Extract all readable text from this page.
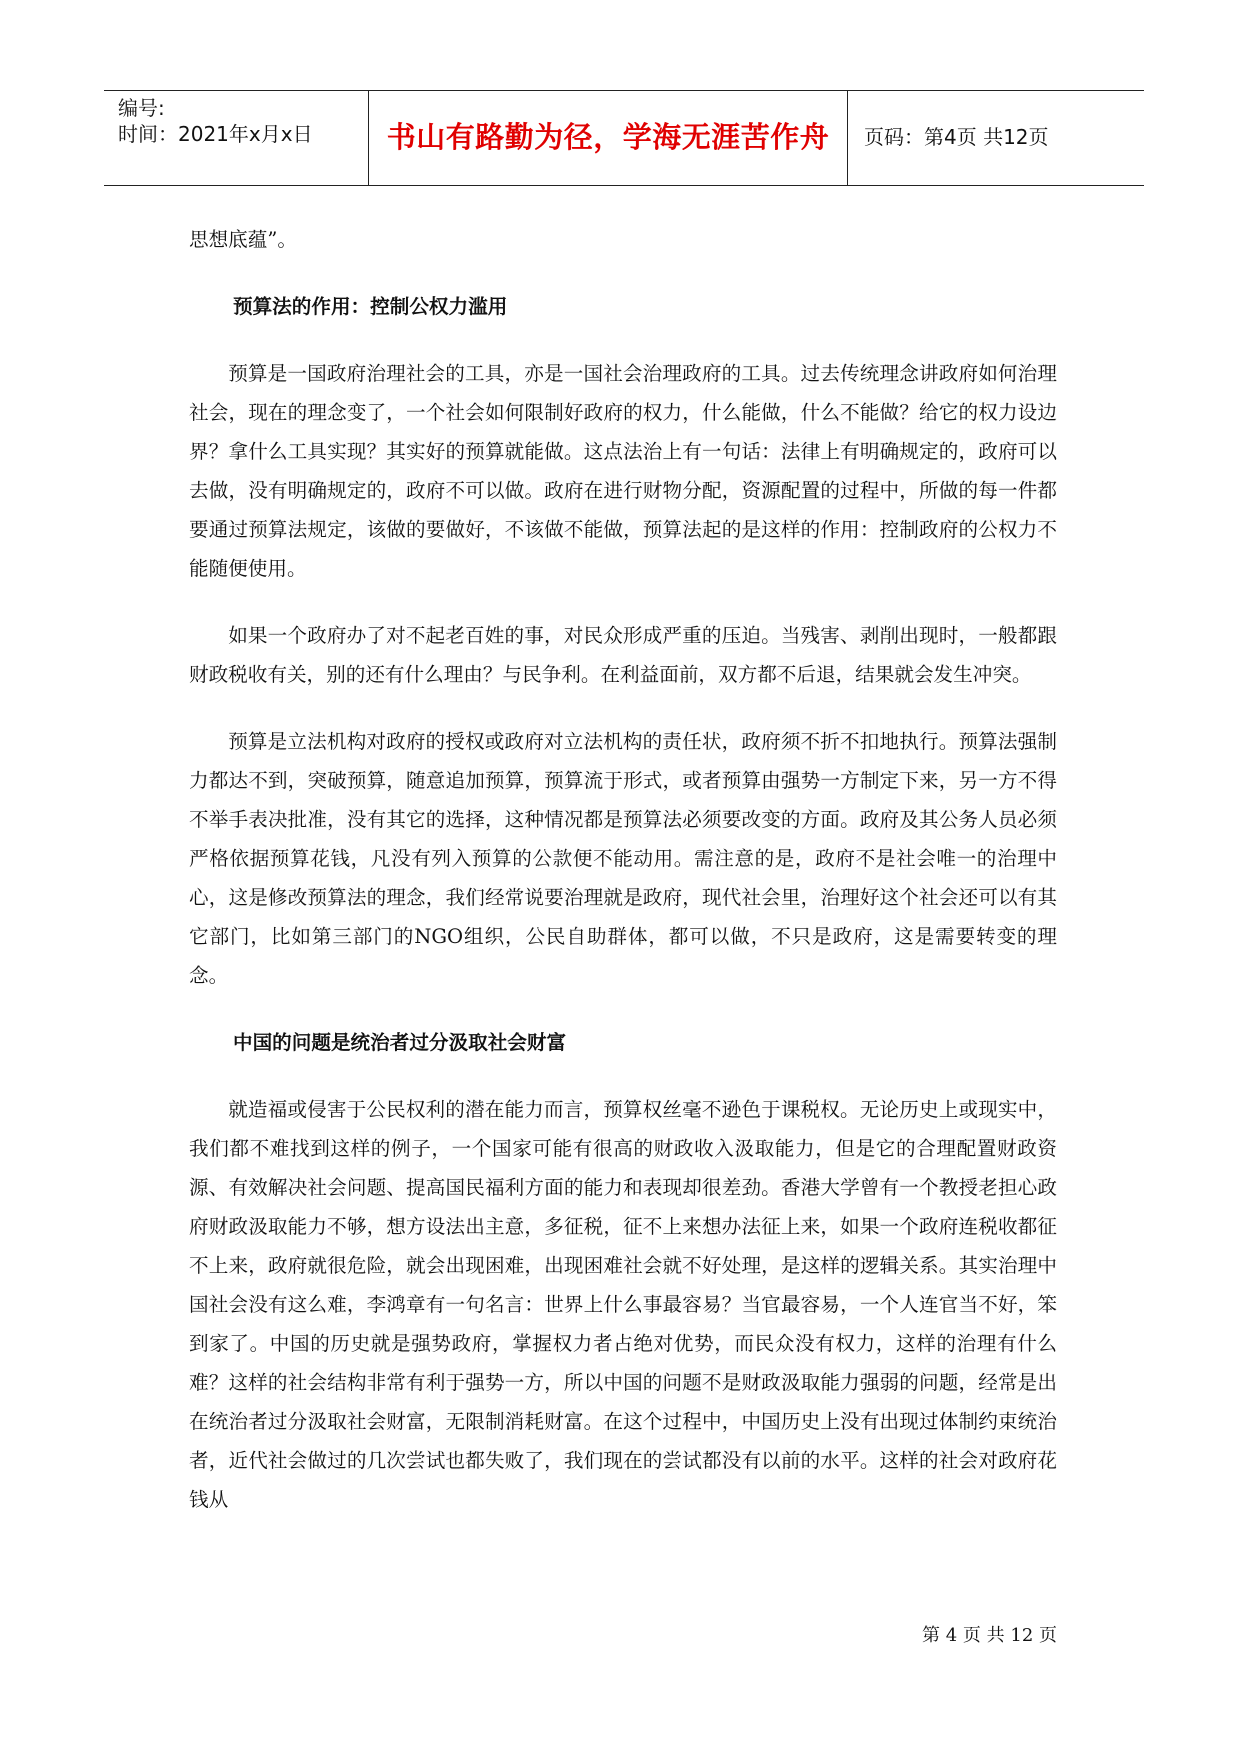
编号:
时间：2021年x月x日	书山有路勤为径，学海无涯苦作舟	页码：第4页 共12页

思想底蕴”。

预算法的作用：控制公权力滥用

预算是一国政府治理社会的工具，亦是一国社会治理政府的工具。过去传统理念讲政府如何治理社会，现在的理念变了，一个社会如何限制好政府的权力，什么能做，什么不能做？给它的权力设边界？拿什么工具实现？其实好的预算就能做。这点法治上有一句话：法律上有明确规定的，政府可以去做，没有明确规定的，政府不可以做。政府在进行财物分配，资源配置的过程中，所做的每一件都要通过预算法规定，该做的要做好，不该做不能做，预算法起的是这样的作用：控制政府的公权力不能随便使用。

如果一个政府办了对不起老百姓的事，对民众形成严重的压迫。当残害、剥削出现时，一般都跟财政税收有关，别的还有什么理由？与民争利。在利益面前，双方都不后退，结果就会发生冲突。

预算是立法机构对政府的授权或政府对立法机构的责任状，政府须不折不扣地执行。预算法强制力都达不到，突破预算，随意追加预算，预算流于形式，或者预算由强势一方制定下来，另一方不得不举手表决批准，没有其它的选择，这种情况都是预算法必须要改变的方面。政府及其公务人员必须严格依据预算花钱，凡没有列入预算的公款便不能动用。需注意的是，政府不是社会唯一的治理中心，这是修改预算法的理念，我们经常说要治理就是政府，现代社会里，治理好这个社会还可以有其它部门，比如第三部门的NGO组织，公民自助群体，都可以做，不只是政府，这是需要转变的理念。

中国的问题是统治者过分汲取社会财富

就造福或侵害于公民权利的潜在能力而言，预算权丝毫不逊色于课税权。无论历史上或现实中，我们都不难找到这样的例子，一个国家可能有很高的财政收入汲取能力，但是它的合理配置财政资源、有效解决社会问题、提高国民福利方面的能力和表现却很差劲。香港大学曾有一个教授老担心政府财政汲取能力不够，想方设法出主意，多征税，征不上来想办法征上来，如果一个政府连税收都征不上来，政府就很危险，就会出现困难，出现困难社会就不好处理，是这样的逻辑关系。其实治理中国社会没有这么难，李鸿章有一句名言：世界上什么事最容易？当官最容易，一个人连官当不好，笨到家了。中国的历史就是强势政府，掌握权力者占绝对优势，而民众没有权力，这样的治理有什么难？这样的社会结构非常有利于强势一方，所以中国的问题不是财政汲取能力强弱的问题，经常是出在统治者过分汲取社会财富，无限制消耗财富。在这个过程中，中国历史上没有出现过体制约束统治者，近代社会做过的几次尝试也都失败了，我们现在的尝试都没有以前的水平。这样的社会对政府花钱从

第 4 页 共 12 页
